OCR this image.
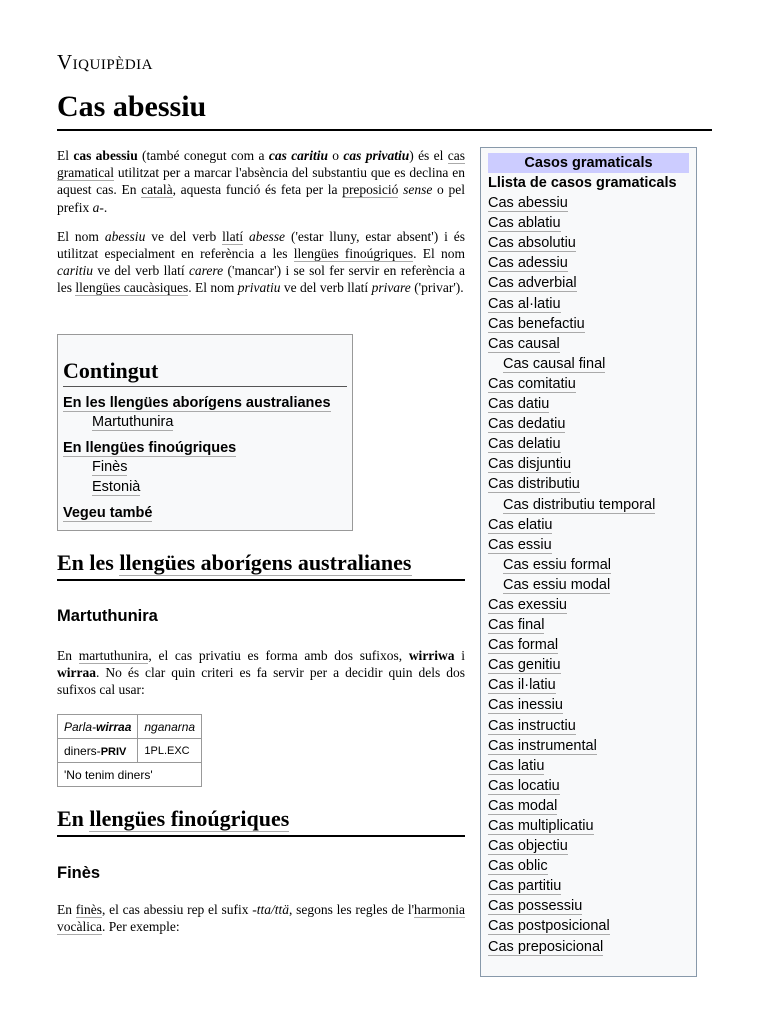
Viquipèdia
Cas abessiu

El cas abessiu (també conegut com a cas caritiu o cas privatiu) és el cas gramatical utilitzat per a marcar l'absència del substantiu que es declina en aquest cas. En català, aquesta funció és feta per la preposició sense o pel prefix a-.

El nom abessiu ve del verb llatí abesse ('estar lluny, estar absent') i és utilitzat especialment en referència a les llengües finoúgriques. El nom caritiu ve del verb llatí carere ('mancar') i se sol fer servir en referència a les llengües caucàsiques. El nom privatiu ve del verb llatí privare ('privar').

Contingut
En les llengües aborígens australianes
Martuthunira
En llengües finoúgriques
Finès
Estonià
Vegeu també
En les llengües aborígens australianes
Martuthunira
En martuthunira, el cas privatiu es forma amb dos sufixos, wirriwa i wirraa. No és clar quin criteri es fa servir per a decidir quin dels dos sufixos cal usar:
Parla-wirraa	nganarna
diners-PRIV	1PL.EXC
'No tenim diners'	
En llengües finoúgriques
Finès
En finès, el cas abessiu rep el sufix -tta/ttä, segons les regles de l'harmonia vocàlica. Per exemple:
Casos gramaticals
Llista de casos gramaticals
Cas abessiu
Cas ablatiu
Cas absolutiu
Cas adessiu
Cas adverbial
Cas al·latiu
Cas benefactiu
Cas causal
Cas causal final
Cas comitatiu
Cas datiu
Cas dedatiu
Cas delatiu
Cas disjuntiu
Cas distributiu
Cas distributiu temporal
Cas elatiu
Cas essiu
Cas essiu formal
Cas essiu modal
Cas exessiu
Cas final
Cas formal
Cas genitiu
Cas il·latiu
Cas inessiu
Cas instructiu
Cas instrumental
Cas latiu
Cas locatiu
Cas modal
Cas multiplicatiu
Cas objectiu
Cas oblic
Cas partitiu
Cas possessiu
Cas postposicional
Cas preposicional
